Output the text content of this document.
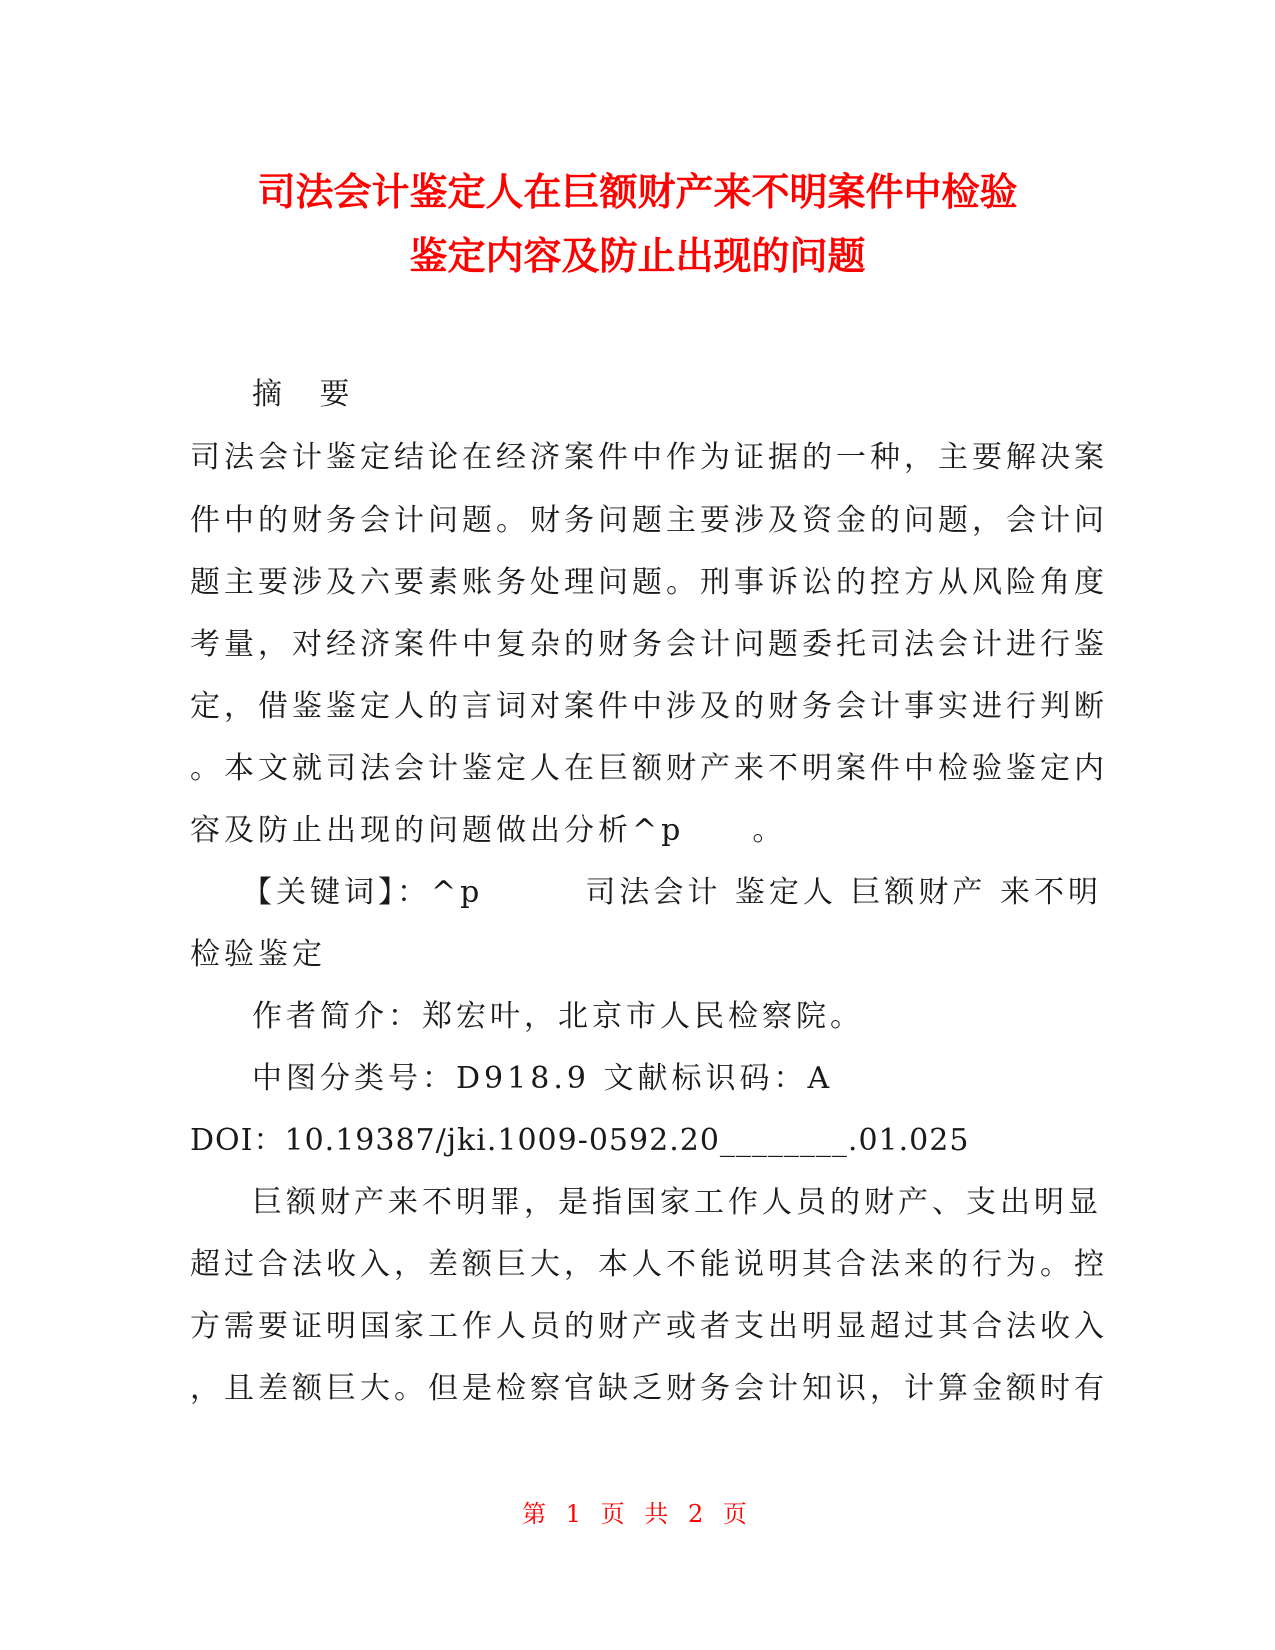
司法会计鉴定人在巨额财产来不明案件中检验
鉴定内容及防止出现的问题

摘 要

司法会计鉴定结论在经济案件中作为证据的一种，主要解决案

件中的财务会计问题。财务问题主要涉及资金的问题，会计问

题主要涉及六要素账务处理问题。刑事诉讼的控方从风险角度

考量，对经济案件中复杂的财务会计问题委托司法会计进行鉴

定，借鉴鉴定人的言词对案件中涉及的财务会计事实进行判断

。本文就司法会计鉴定人在巨额财产来不明案件中检验鉴定内

容及防止出现的问题做出分析^p　　。

【关键词】：^p　　　司法会计 鉴定人 巨额财产 来不明

检验鉴定

作者简介：郑宏叶，北京市人民检察院。

中图分类号：D918.9 文献标识码：A

DOI：10.19387/jki.1009-0592.20________.01.025

巨额财产来不明罪，是指国家工作人员的财产、支出明显

超过合法收入，差额巨大，本人不能说明其合法来的行为。控

方需要证明国家工作人员的财产或者支出明显超过其合法收入

，且差额巨大。但是检察官缺乏财务会计知识，计算金额时有

第 1 页 共 2 页
